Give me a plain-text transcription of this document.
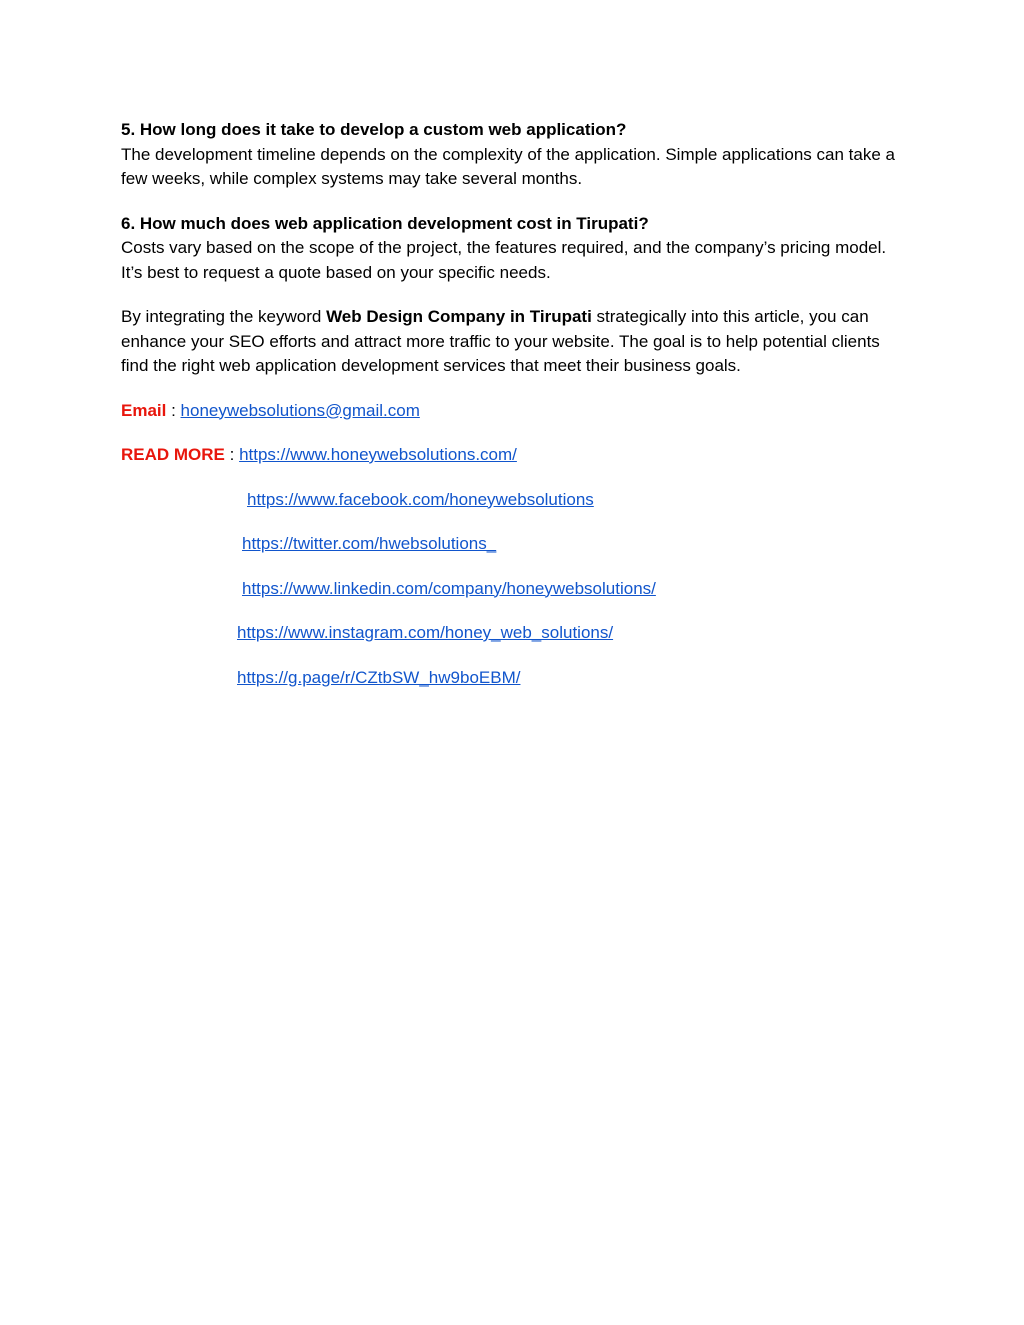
5. How long does it take to develop a custom web application?
The development timeline depends on the complexity of the application. Simple applications can take a few weeks, while complex systems may take several months.
6. How much does web application development cost in Tirupati?
Costs vary based on the scope of the project, the features required, and the company’s pricing model. It’s best to request a quote based on your specific needs.

By integrating the keyword Web Design Company in Tirupati strategically into this article, you can enhance your SEO efforts and attract more traffic to your website. The goal is to help potential clients find the right web application development services that meet their business goals.

Email : honeywebsolutions@gmail.com
READ MORE : https://www.honeywebsolutions.com/
https://www.facebook.com/honeywebsolutions
https://twitter.com/hwebsolutions_
https://www.linkedin.com/company/honeywebsolutions/
https://www.instagram.com/honey_web_solutions/
https://g.page/r/CZtbSW_hw9boEBM/
